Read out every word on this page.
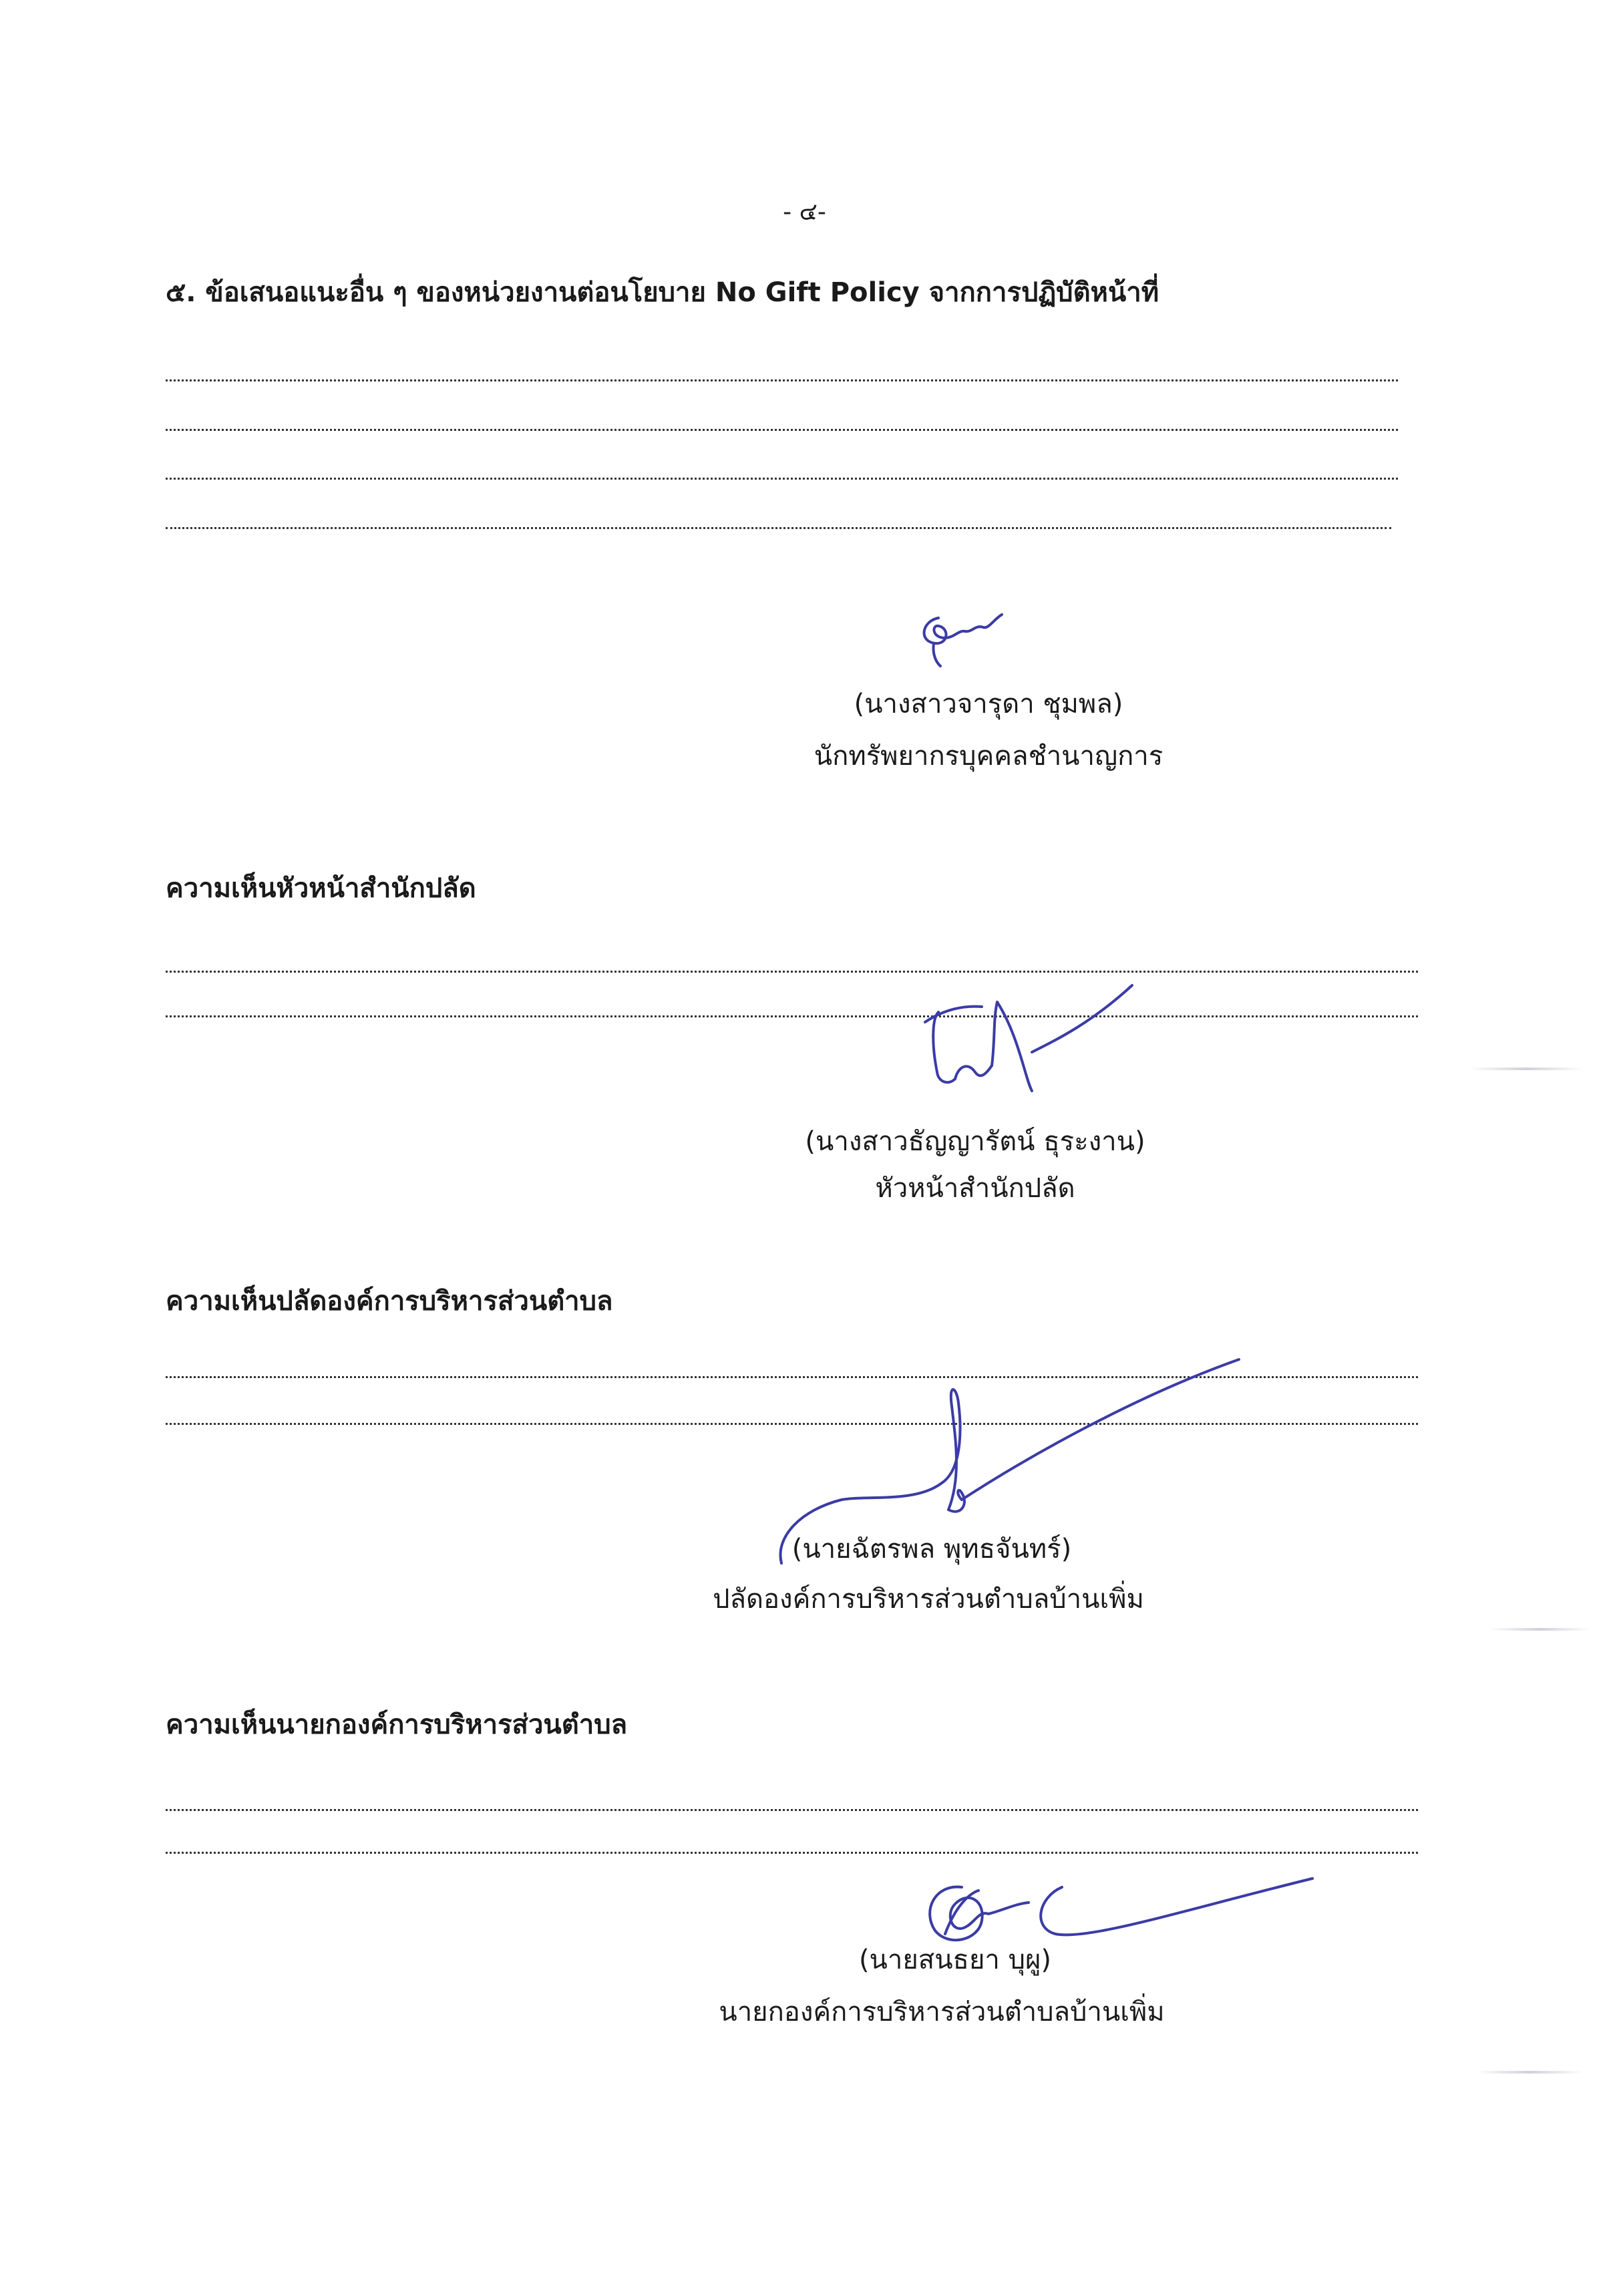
- ๔-
๕. ข้อเสนอแนะอื่น ๆ ของหน่วยงานต่อนโยบาย No Gift Policy จากการปฏิบัติหน้าที่
(นางสาวจารุดา ชุมพล)
นักทรัพยากรบุคคลชำนาญการ
ความเห็นหัวหน้าสำนักปลัด
(นางสาวธัญญารัตน์ ธุระงาน)
หัวหน้าสำนักปลัด
ความเห็นปลัดองค์การบริหารส่วนตำบล
(นายฉัตรพล พุทธจันทร์)
ปลัดองค์การบริหารส่วนตำบลบ้านเพิ่ม
ความเห็นนายกองค์การบริหารส่วนตำบล
(นายสนธยา บุผู)
นายกองค์การบริหารส่วนตำบลบ้านเพิ่ม
